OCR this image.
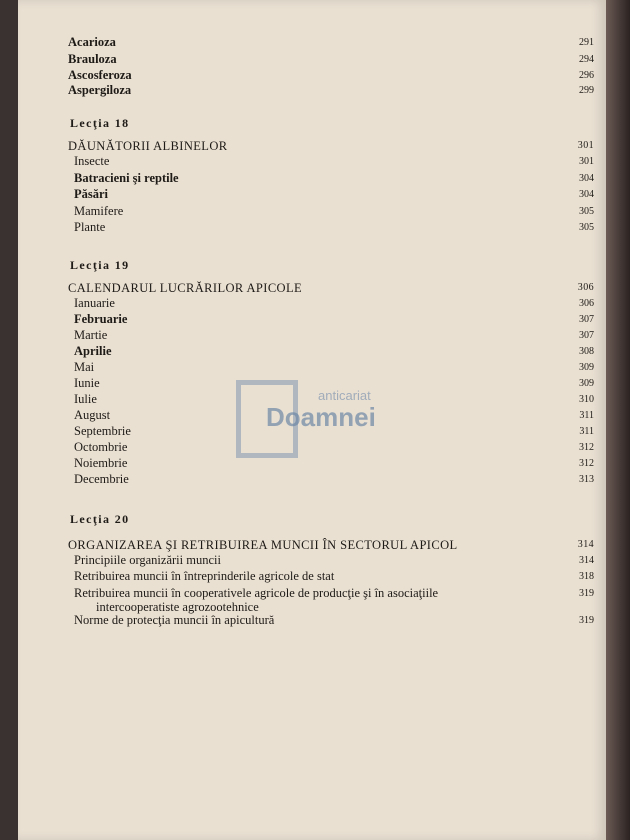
anticariat
Doamnei
Acarioza	291
Brauloza	294
Ascosferoza	296
Aspergiloza	299
Lecţia 18
DĂUNĂTORII ALBINELOR	301
Insecte	301
Batracieni şi reptile	304
Păsări	304
Mamifere	305
Plante	305
Lecţia 19
CALENDARUL LUCRĂRILOR APICOLE	306
Ianuarie	306
Februarie	307
Martie	307
Aprilie	308
Mai	309
Iunie	309
Iulie	310
August	311
Septembrie	311
Octombrie	312
Noiembrie	312
Decembrie	313
Lecţia 20
ORGANIZAREA ŞI RETRIBUIREA MUNCII ÎN SECTORUL APICOL	314
Principiile organizării muncii	314
Retribuirea muncii în întreprinderile agricole de stat	318
Retribuirea muncii în cooperativele agricole de producţie şi în asociaţiile	319
intercooperatiste agrozootehnice
Norme de protecţia muncii în apicultură	319
